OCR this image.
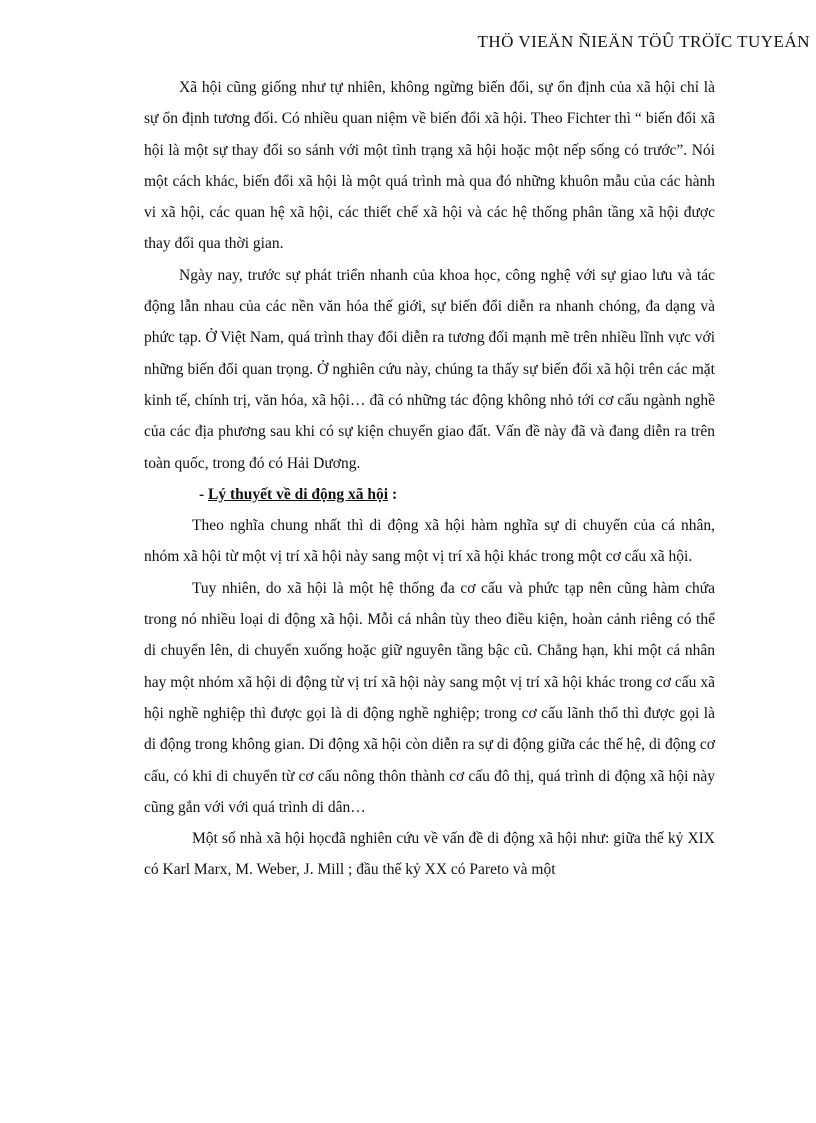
THÖ VIEÄN ÑIEÄN TÖÛ TRÖÏC TUYEÁN

Xã hội cũng giống như tự nhiên, không ngừng biến đổi, sự ổn định của xã hội chỉ là sự ổn định tương đối. Có nhiều quan niệm về biến đổi xã hội. Theo Fichter thì “ biến đổi xã hội là một sự thay đổi so sánh với một tình trạng xã hội hoặc một nếp sống có trước”. Nói một cách khác, biến đổi xã hội là một quá trình mà qua đó những khuôn mẫu của các hành vi xã hội, các quan hệ xã hội, các thiết chế xã hội và các hệ thống phân tầng xã hội được thay đổi qua thời gian.

Ngày nay, trước sự phát triển nhanh của khoa học, công nghệ với sự giao lưu và tác động lẫn nhau của các nền văn hóa thế giới, sự biến đổi diễn ra nhanh chóng, đa dạng và phức tạp. Ở Việt Nam, quá trình thay đổi diễn ra tương đối mạnh mẽ trên nhiều lĩnh vực với những biến đổi quan trọng. Ở nghiên cứu này, chúng ta thấy sự biến đổi xã hội trên các mặt kinh tế, chính trị, văn hóa, xã hội… đã có những tác động không nhỏ tới cơ cấu ngành nghề của các địa phương sau khi có sự kiện chuyển giao đất. Vấn đề này đã và đang diễn ra trên toàn quốc, trong đó có Hải Dương.

- Lý thuyết về di động xã hội :

Theo nghĩa chung nhất thì di động xã hội hàm nghĩa sự di chuyển của cá nhân, nhóm xã hội từ một vị trí xã hội này sang một vị trí xã hội khác trong một cơ cấu xã hội.

Tuy nhiên, do xã hội là một hệ thống đa cơ cấu và phức tạp nên cũng hàm chứa trong nó nhiều loại di động xã hội. Mỗi cá nhân tùy theo điều kiện, hoàn cảnh riêng có thể di chuyển lên, di chuyển xuống hoặc giữ nguyên tầng bậc cũ. Chẳng hạn, khi một cá nhân hay một nhóm xã hội di động từ vị trí xã hội này sang một vị trí xã hội khác trong cơ cấu xã hội nghề nghiệp thì được gọi là di động nghề nghiệp; trong cơ cấu lãnh thổ thì được gọi là di động trong không gian. Di động xã hội còn diễn ra sự di động giữa các thế hệ, di động cơ cấu, có khi di chuyển từ cơ cấu nông thôn thành cơ cấu đô thị, quá trình di động xã hội này cũng gắn với với quá trình di dân…

Một số nhà xã hội họcđã nghiên cứu về vấn đề di động xã hội như: giữa thế kỷ XIX có Karl Marx, M. Weber, J. Mill ; đầu thế kỷ XX có Pareto và một
